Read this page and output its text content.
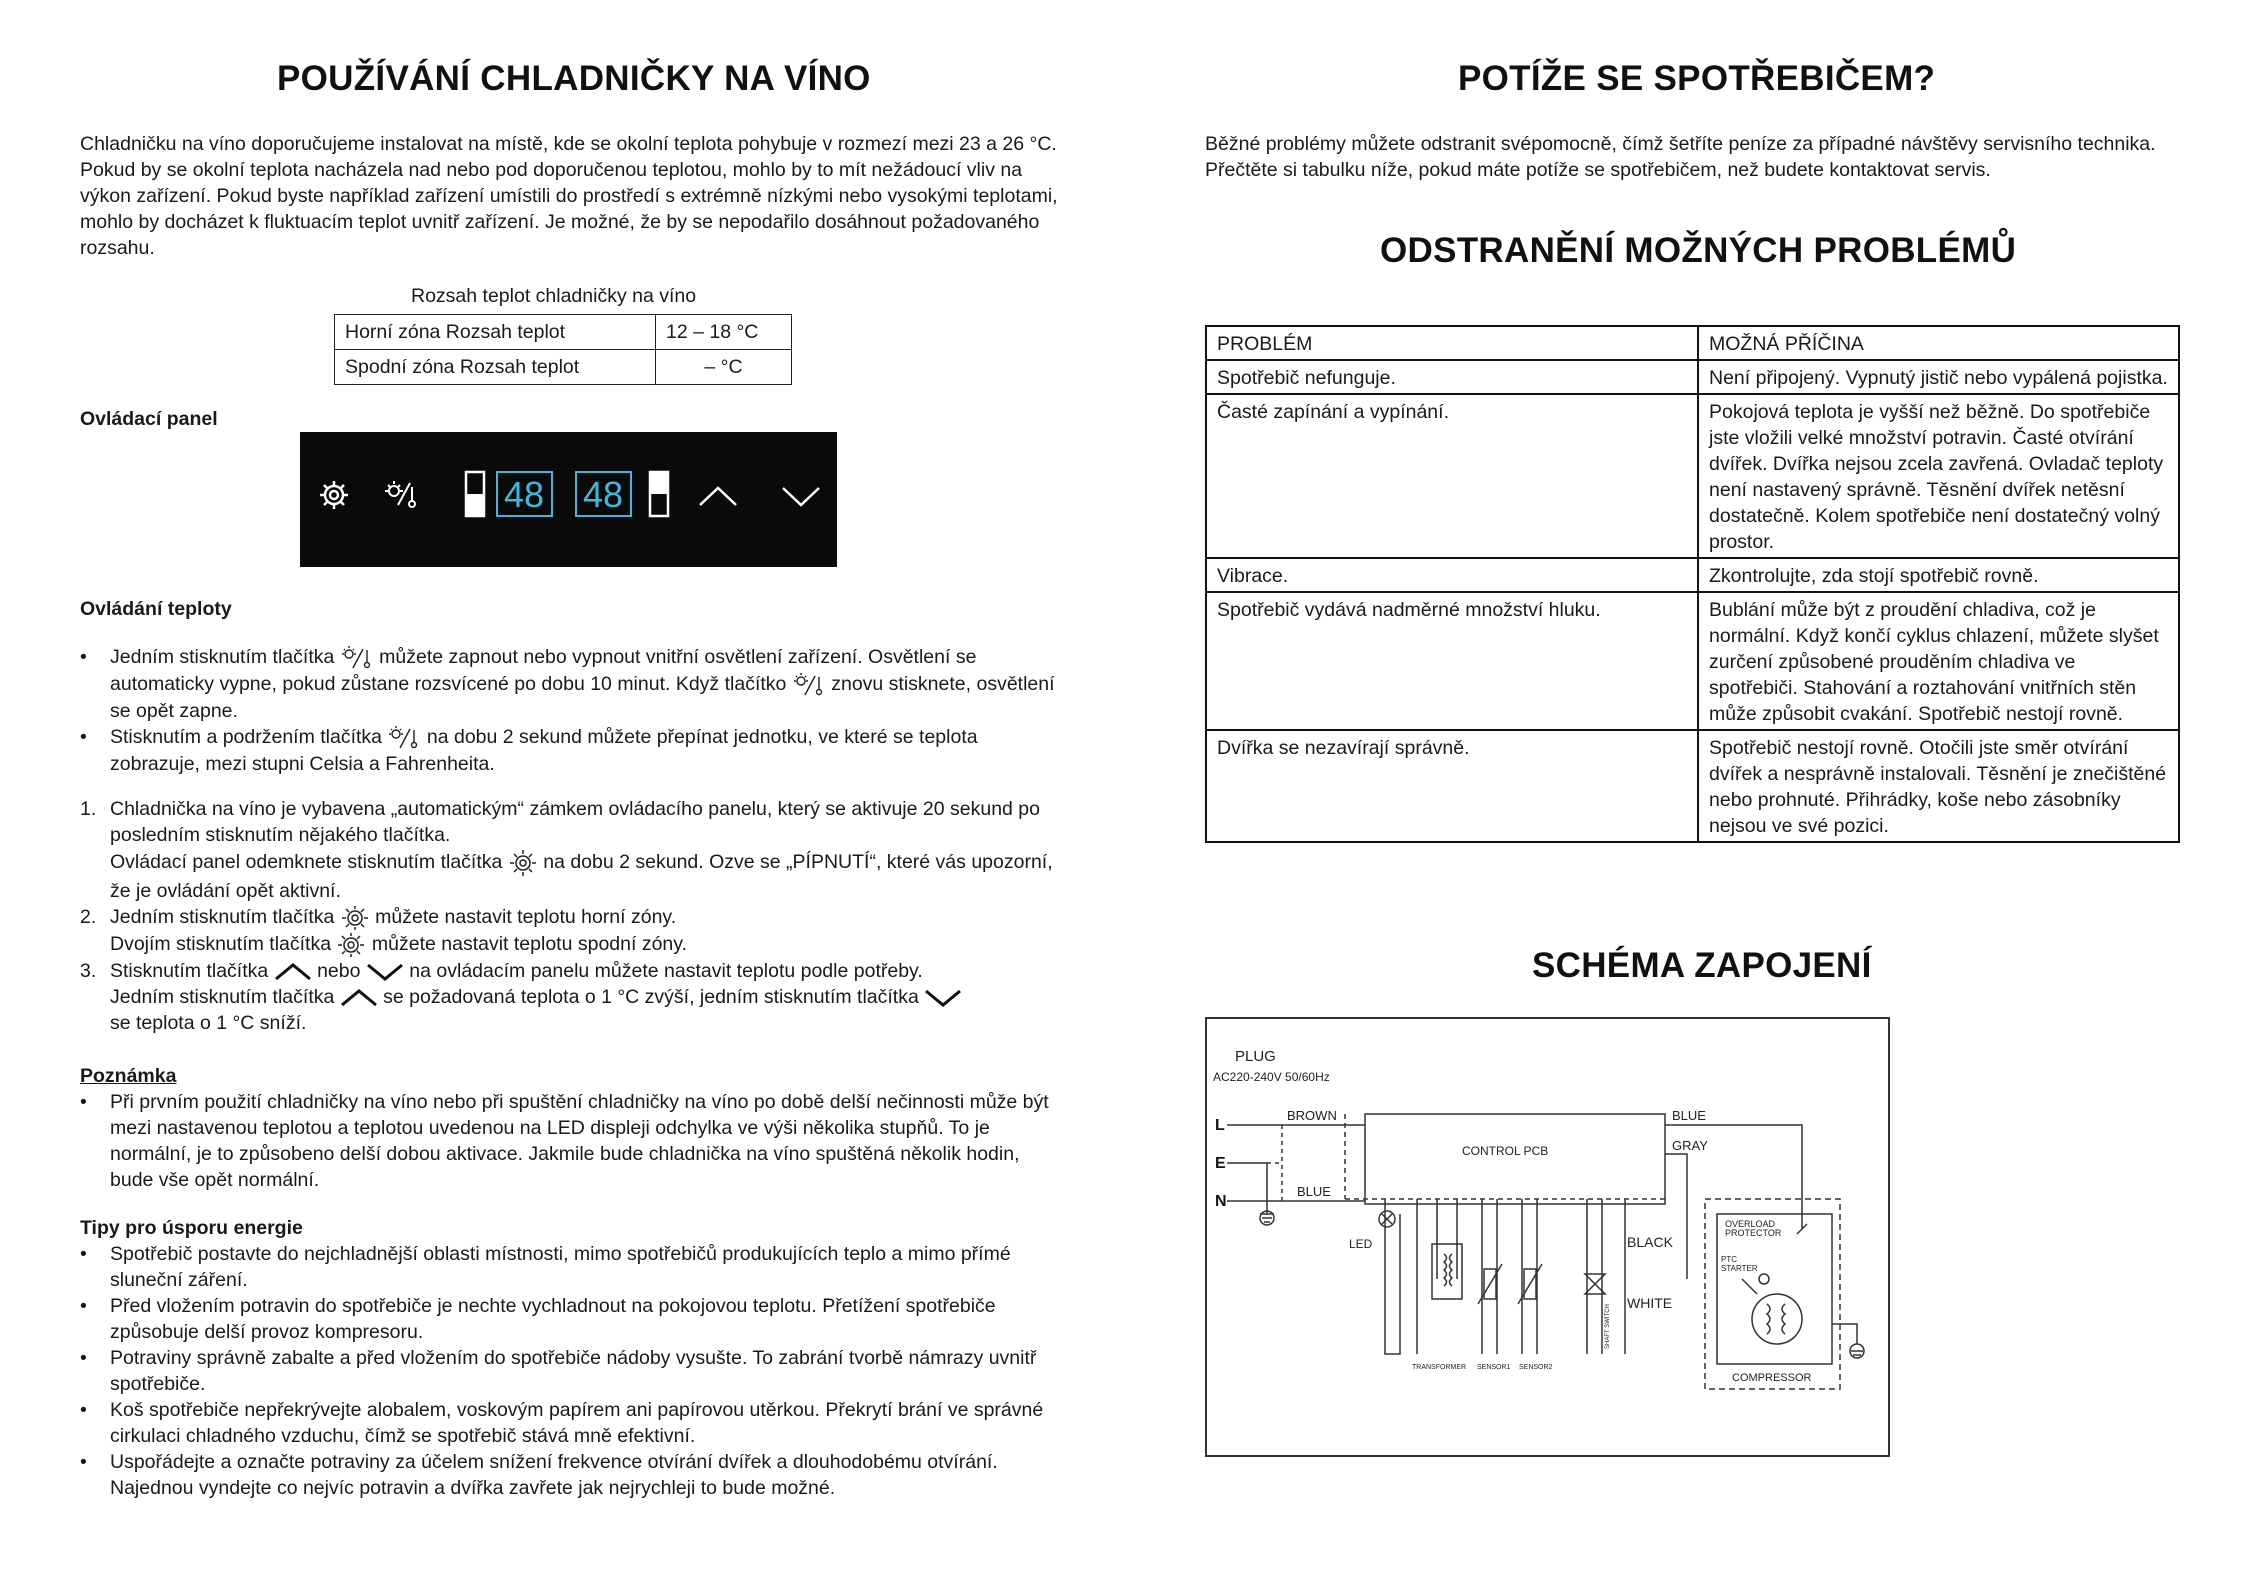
POUŽÍVÁNÍ CHLADNIČKY NA VÍNO

Chladničku na víno doporučujeme instalovat na místě, kde se okolní teplota pohybuje v rozmezí mezi 23 a 26 °C. Pokud by se okolní teplota nacházela nad nebo pod doporučenou teplotou, mohlo by to mít nežádoucí vliv na výkon zařízení. Pokud byste například zařízení umístili do prostředí s extrémně nízkými nebo vysokými teplotami, mohlo by docházet k fluktuacím teplot uvnitř zařízení. Je možné, že by se nepodařilo dosáhnout požadovaného rozsahu.

Rozsah teplot chladničky na víno
Horní zóna Rozsah teplot	12 – 18 °C
Spodní zóna Rozsah teplot	– °C
Ovládací panel
48 48
Ovládání teploty
• Jedním stisknutím tlačítka můžete zapnout nebo vypnout vnitřní osvětlení zařízení. Osvětlení se automaticky vypne, pokud zůstane rozsvícené po dobu 10 minut. Když tlačítko znovu stisknete, osvětlení se opět zapne.
• Stisknutím a podržením tlačítka na dobu 2 sekund můžete přepínat jednotku, ve které se teplota zobrazuje, mezi stupni Celsia a Fahrenheita.
1. Chladnička na víno je vybavena „automatickým“ zámkem ovládacího panelu, který se aktivuje 20 sekund po posledním stisknutím nějakého tlačítka.
Ovládací panel odemknete stisknutím tlačítka na dobu 2 sekund. Ozve se „PÍPNUTÍ“, které vás upozorní, že je ovládání opět aktivní.
2. Jedním stisknutím tlačítka můžete nastavit teplotu horní zóny.
Dvojím stisknutím tlačítka můžete nastavit teplotu spodní zóny.
3. Stisknutím tlačítka	nebo	na ovládacím panelu můžete nastavit teplotu podle potřeby.
Jedním stisknutím tlačítka	se požadovaná teplota o 1 °C zvýší, jedním stisknutím tlačítka
se teplota o 1 °C sníží.
Poznámka
• Při prvním použití chladničky na víno nebo při spuštění chladničky na víno po době delší nečinnosti může být mezi nastavenou teplotou a teplotou uvedenou na LED displeji odchylka ve výši několika stupňů. To je normální, je to způsobeno delší dobou aktivace. Jakmile bude chladnička na víno spuštěná několik hodin, bude vše opět normální.
Tipy pro úsporu energie
• Spotřebič postavte do nejchladnější oblasti místnosti, mimo spotřebičů produkujících teplo a mimo přímé sluneční záření.
• Před vložením potravin do spotřebiče je nechte vychladnout na pokojovou teplotu. Přetížení spotřebiče způsobuje delší provoz kompresoru.
• Potraviny správně zabalte a před vložením do spotřebiče nádoby vysušte. To zabrání tvorbě námrazy uvnitř spotřebiče.
• Koš spotřebiče nepřekrývejte alobalem, voskovým papírem ani papírovou utěrkou. Překrytí brání ve správné cirkulaci chladného vzduchu, čímž se spotřebič stává mně efektivní.
• Uspořádejte a označte potraviny za účelem snížení frekvence otvírání dvířek a dlouhodobému otvírání. Najednou vyndejte co nejvíc potravin a dvířka zavřete jak nejrychleji to bude možné.
POTÍŽE SE SPOTŘEBIČEM?

Běžné problémy můžete odstranit svépomocně, čímž šetříte peníze za případné návštěvy servisního technika. Přečtěte si tabulku níže, pokud máte potíže se spotřebičem, než budete kontaktovat servis.

ODSTRANĚNÍ MOŽNÝCH PROBLÉMŮ
PROBLÉM	MOŽNÁ PŘÍČINA
Spotřebič nefunguje.	Není připojený. Vypnutý jistič nebo vypálená pojistka.
Časté zapínání a vypínání.	Pokojová teplota je vyšší než běžně. Do spotřebiče jste vložili velké množství potravin. Časté otvírání dvířek. Dvířka nejsou zcela zavřená. Ovladač teploty není nastavený správně. Těsnění dvířek netěsní dostatečně. Kolem spotřebiče není dostatečný volný prostor.
Vibrace.	Zkontrolujte, zda stojí spotřebič rovně.
Spotřebič vydává nadměrné množství hluku.	Bublání může být z proudění chladiva, což je normální. Když končí cyklus chlazení, můžete slyšet zurčení způsobené prouděním chladiva ve spotřebiči. Stahování a roztahování vnitřních stěn může způsobit cvakání. Spotřebič nestojí rovně.
Dvířka se nezavírají správně.	Spotřebič nestojí rovně. Otočili jste směr otvírání dvířek a nesprávně instalovali. Těsnění je znečištěné nebo prohnuté. Přihrádky, koše nebo zásobníky nejsou ve své pozici.
SCHÉMA ZAPOJENÍ
PLUG
AC220-240V 50/60Hz
L
E
N
BROWN
BLUE
CONTROL PCB
BLUE
GRAY
LED	BLACK
WHITE
TRANSFORMER SENSOR1 SENSOR2
SHAFT SWITCH
OVERLOAD
PROTECTOR
PTC
STARTER
COMPRESSOR
